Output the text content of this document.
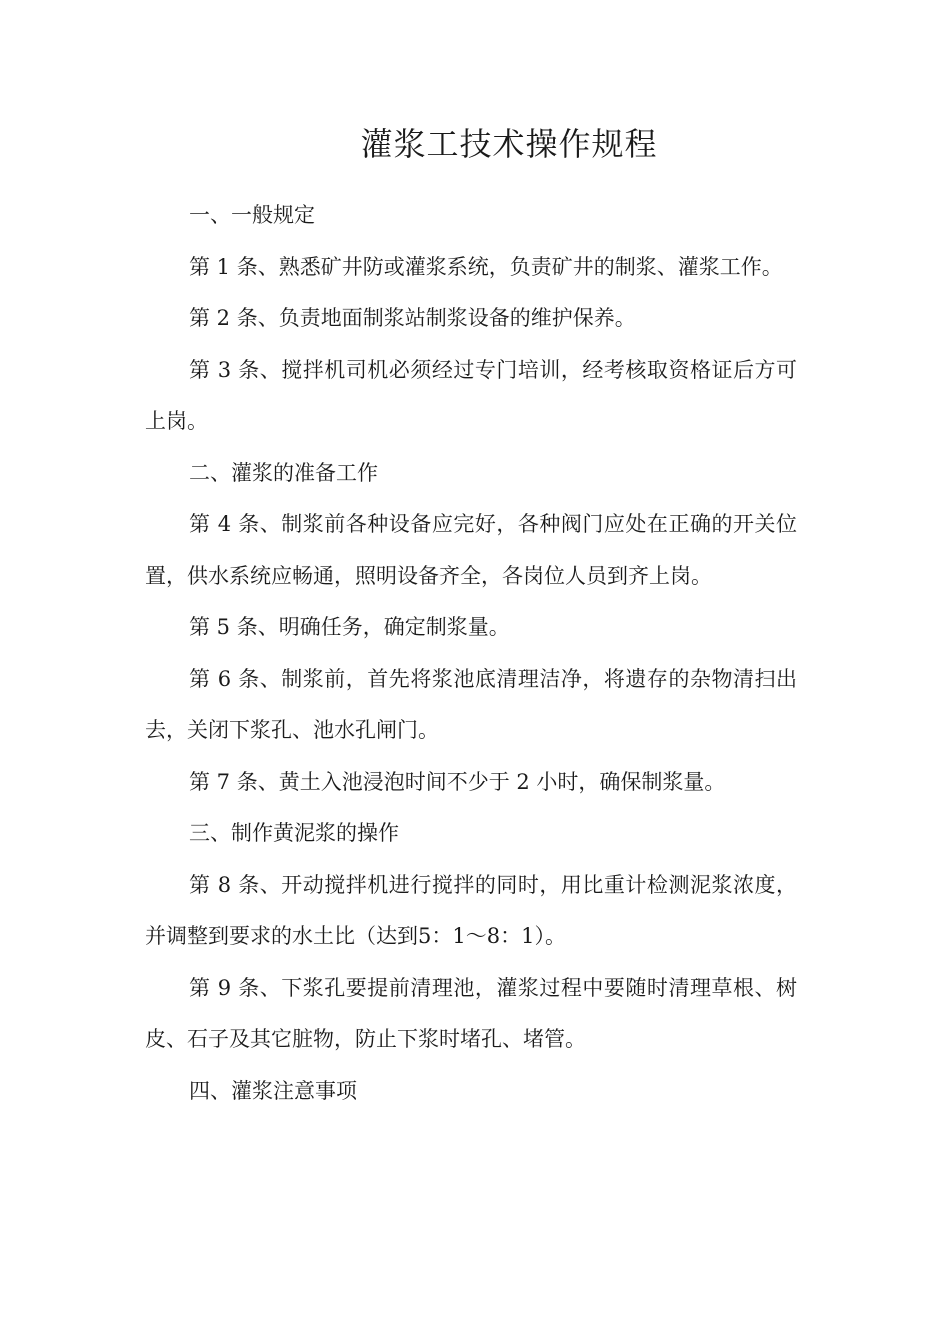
灌浆工技术操作规程

一、一般规定

第 1 条、熟悉矿井防或灌浆系统，负责矿井的制浆、灌浆工作。

第 2 条、负责地面制浆站制浆设备的维护保养。

第 3 条、搅拌机司机必须经过专门培训，经考核取资格证后方可上岗。

二、灌浆的准备工作

第 4 条、制浆前各种设备应完好，各种阀门应处在正确的开关位置，供水系统应畅通，照明设备齐全，各岗位人员到齐上岗。

第 5 条、明确任务，确定制浆量。

第 6 条、制浆前，首先将浆池底清理洁净，将遗存的杂物清扫出去，关闭下浆孔、池水孔闸门。

第 7 条、黄土入池浸泡时间不少于 2 小时，确保制浆量。

三、制作黄泥浆的操作

第 8 条、开动搅拌机进行搅拌的同时，用比重计检测泥浆浓度，并调整到要求的水土比（达到5：1～8：1）。

第 9 条、下浆孔要提前清理池，灌浆过程中要随时清理草根、树皮、石子及其它脏物，防止下浆时堵孔、堵管。

四、灌浆注意事项
